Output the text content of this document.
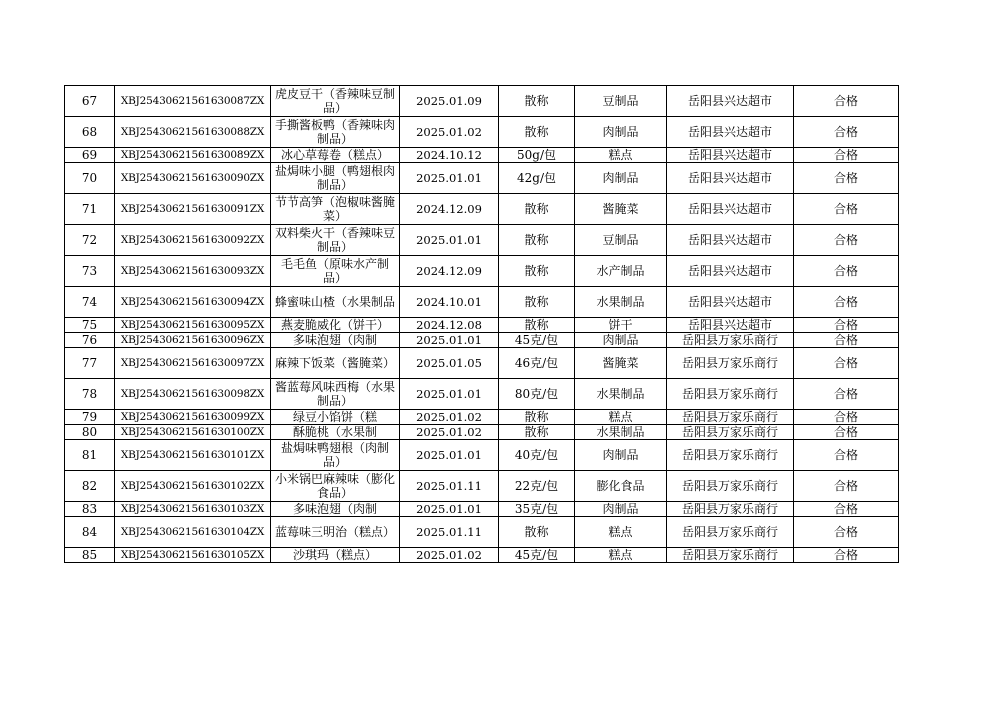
67	XBJ25430621561630087ZX	虎皮豆干（香辣味豆制品）	2025.01.09	散称	豆制品	岳阳县兴达超市	合格
68	XBJ25430621561630088ZX	手撕酱板鸭（香辣味肉制品）	2025.01.02	散称	肉制品	岳阳县兴达超市	合格
69	XBJ25430621561630089ZX	冰心草莓卷（糕点）	2024.10.12	50g/包	糕点	岳阳县兴达超市	合格
70	XBJ25430621561630090ZX	盐焗味小腿（鸭翅根肉制品）	2025.01.01	42g/包	肉制品	岳阳县兴达超市	合格
71	XBJ25430621561630091ZX	节节高笋（泡椒味酱腌菜）	2024.12.09	散称	酱腌菜	岳阳县兴达超市	合格
72	XBJ25430621561630092ZX	双料柴火干（香辣味豆制品）	2025.01.01	散称	豆制品	岳阳县兴达超市	合格
73	XBJ25430621561630093ZX	毛毛鱼（原味水产制品）	2024.12.09	散称	水产制品	岳阳县兴达超市	合格
74	XBJ25430621561630094ZX	蜂蜜味山楂（水果制品	2024.10.01	散称	水果制品	岳阳县兴达超市	合格
75	XBJ25430621561630095ZX	燕麦脆威化（饼干）	2024.12.08	散称	饼干	岳阳县兴达超市	合格
76	XBJ25430621561630096ZX	多味泡翅（肉制	2025.01.01	45克/包	肉制品	岳阳县万家乐商行	合格
77	XBJ25430621561630097ZX	麻辣下饭菜（酱腌菜）	2025.01.05	46克/包	酱腌菜	岳阳县万家乐商行	合格
78	XBJ25430621561630098ZX	酱蓝莓风味西梅（水果制品）	2025.01.01	80克/包	水果制品	岳阳县万家乐商行	合格
79	XBJ25430621561630099ZX	绿豆小馅饼（糕	2025.01.02	散称	糕点	岳阳县万家乐商行	合格
80	XBJ25430621561630100ZX	酥脆桃（水果制	2025.01.02	散称	水果制品	岳阳县万家乐商行	合格
81	XBJ25430621561630101ZX	盐焗味鸭翅根（肉制品）	2025.01.01	40克/包	肉制品	岳阳县万家乐商行	合格
82	XBJ25430621561630102ZX	小米锅巴麻辣味（膨化食品）	2025.01.11	22克/包	膨化食品	岳阳县万家乐商行	合格
83	XBJ25430621561630103ZX	多味泡翅（肉制	2025.01.01	35克/包	肉制品	岳阳县万家乐商行	合格
84	XBJ25430621561630104ZX	蓝莓味三明治（糕点）	2025.01.11	散称	糕点	岳阳县万家乐商行	合格
85	XBJ25430621561630105ZX	沙琪玛（糕点）	2025.01.02	45克/包	糕点	岳阳县万家乐商行	合格
